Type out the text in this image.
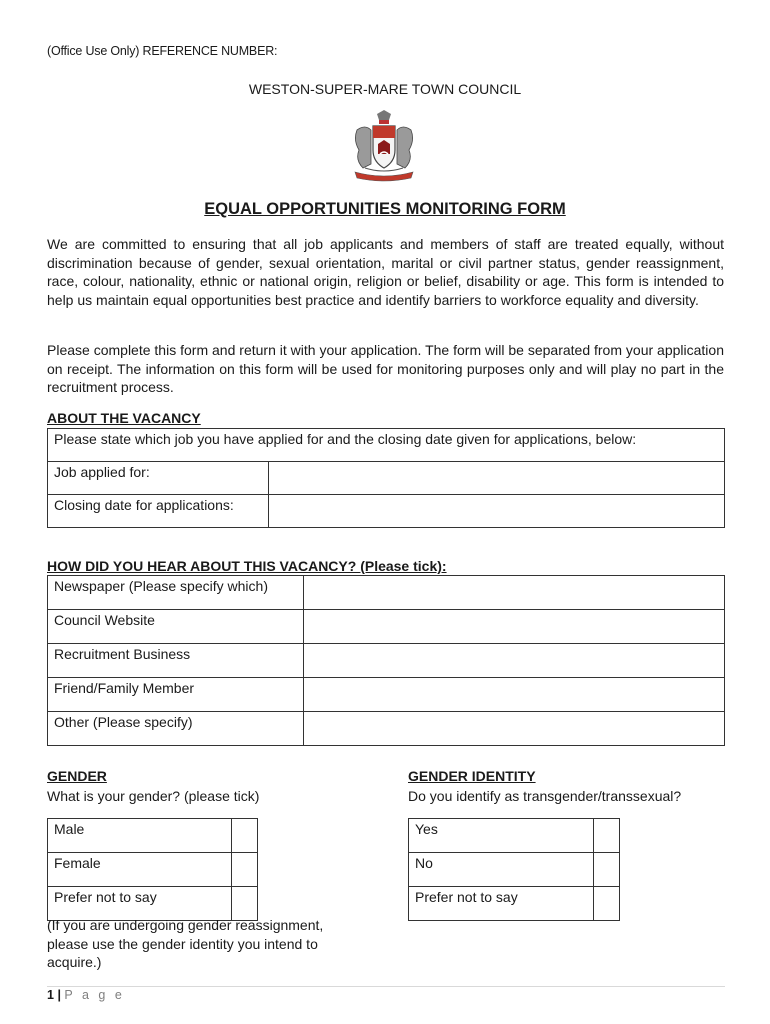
(Office Use Only) REFERENCE NUMBER:
WESTON-SUPER-MARE TOWN COUNCIL
EQUAL OPPORTUNITIES MONITORING FORM
We are committed to ensuring that all job applicants and members of staff are treated equally, without discrimination because of gender, sexual orientation, marital or civil partner status, gender reassignment, race, colour, nationality, ethnic or national origin, religion or belief, disability or age. This form is intended to help us maintain equal opportunities best practice and identify barriers to workforce equality and diversity.
Please complete this form and return it with your application. The form will be separated from your application on receipt. The information on this form will be used for monitoring purposes only and will play no part in the recruitment process.
ABOUT THE VACANCY
Please state which job you have applied for and the closing date given for applications, below:	
Job applied for:	
Closing date for applications:	
HOW DID YOU HEAR ABOUT THIS VACANCY? (Please tick):
Newspaper (Please specify which)	
Council Website	
Recruitment Business	
Friend/Family Member	
Other (Please specify)	
GENDER
What is your gender? (please tick)
Male	
Female	
Prefer not to say	
(If you are undergoing gender reassignment, please use the gender identity you intend to acquire.)
GENDER IDENTITY
Do you identify as transgender/transsexual?
Yes	
No	
Prefer not to say	
1 | P a g e
